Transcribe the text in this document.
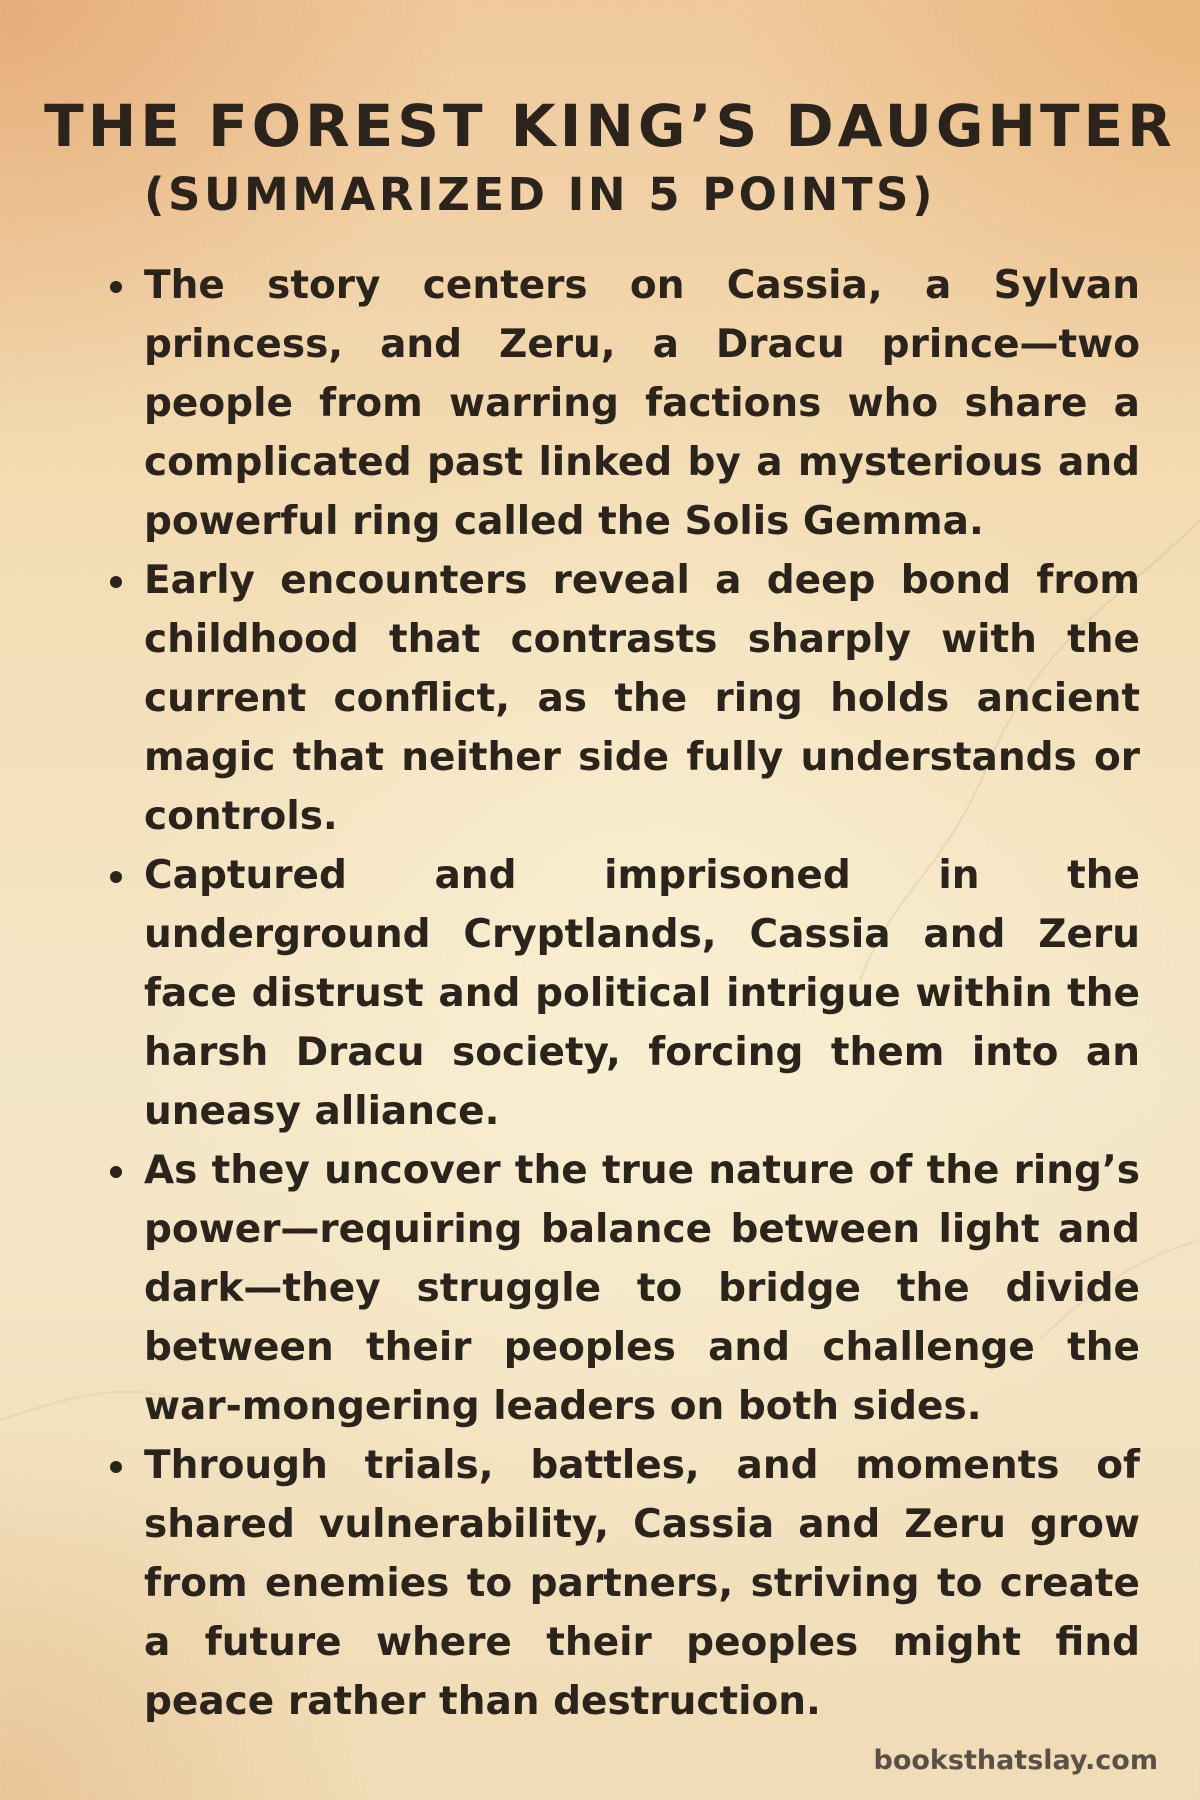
THE FOREST KING’S DAUGHTER
(SUMMARIZED IN 5 POINTS)
The story centers on Cassia, a Sylvan princess, and Zeru, a Dracu prince—two people from warring factions who share a complicated past linked by a mysterious and powerful ring called the Solis Gemma.
Early encounters reveal a deep bond from childhood that contrasts sharply with the current conflict, as the ring holds ancient magic that neither side fully understands or controls.
Captured and imprisoned in the underground Cryptlands, Cassia and Zeru face distrust and political intrigue within the harsh Dracu society, forcing them into an uneasy alliance.
As they uncover the true nature of the ring’s power—requiring balance between light and dark—they struggle to bridge the divide between their peoples and challenge the war-mongering leaders on both sides.
Through trials, battles, and moments of shared vulnerability, Cassia and Zeru grow from enemies to partners, striving to create a future where their peoples might find peace rather than destruction.
booksthatslay.com
